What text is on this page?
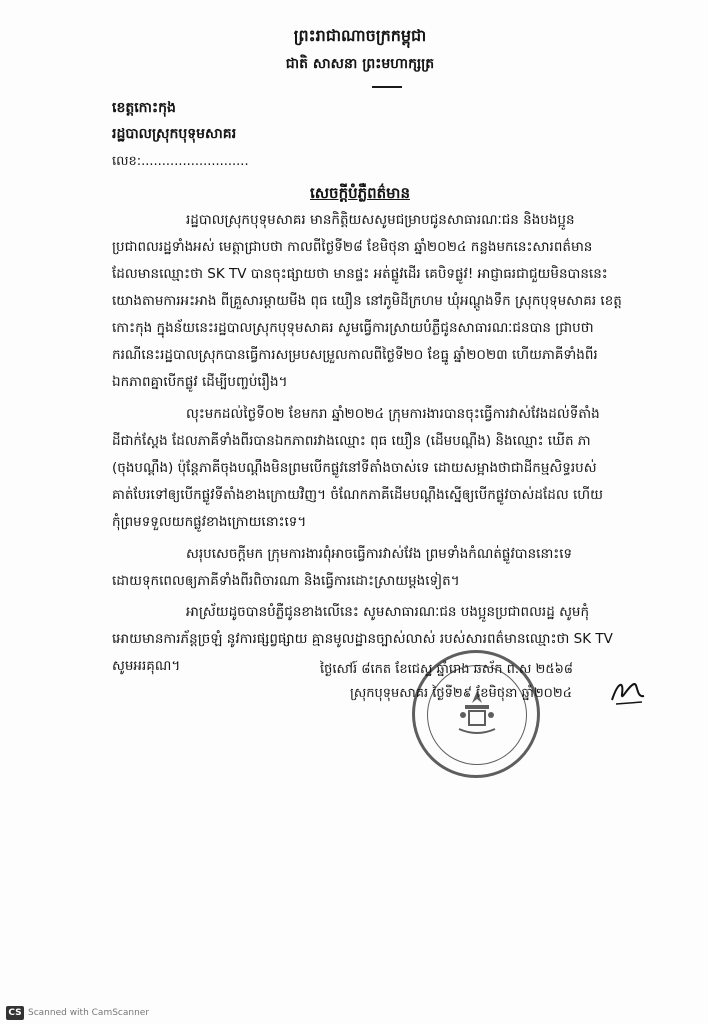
ព្រះរាជាណាចក្រកម្ពុជា
ជាតិ សាសនា ព្រះមហាក្សត្រ
ខេត្តកោះកុង
រដ្ឋបាលស្រុកបុទុមសាគរ
លេខ:..........................
សេចក្តីបំភ្លឺពត៌មាន
រដ្ឋបាលស្រុកបុទុមសាគរ មានកិត្តិយសសូមជម្រាបជូនសាធារណៈជន និងបងប្អូន
ប្រជាពលរដ្ឋទាំងអស់ មេត្តាជ្រាបថា កាលពីថ្ងៃទី២៨ ខែមិថុនា ឆ្នាំ២០២៤ កន្លងមកនេះសារពត៌មាន
ដែលមានឈ្មោះថា SK TV បានចុះផ្សាយថា មានផ្ទះ អត់ផ្លូវដើរ គេបិទផ្លូវ! អាជ្ញាធរជាជួយមិនបាននេះ
យោងតាមការអះអាង ពីគ្រួសារម្តាយមីង ពុធ យឿន នៅភូមិដីក្រហម ឃុំអណ្តូងទឹក ស្រុកបុទុមសាគរ ខេត្ត
កោះកុង ក្នុងន័យនេះរដ្ឋបាលស្រុកបុទុមសាគរ សូមធ្វើការស្រាយបំភ្លឺជូនសាធារណៈជនបាន ជ្រាបថា
ករណីនេះរដ្ឋបាលស្រុកបានធ្វើការសម្របសម្រួលកាលពីថ្ងៃទី២០ ខែធ្នូ ឆ្នាំ២០២៣ ហើយភាគីទាំងពីរ
ឯកភាពគ្នាបើកផ្លូវ ដើម្បីបញ្ចប់រឿង។
លុះមកដល់ថ្ងៃទី០២ ខែមករា ឆ្នាំ២០២៤ ក្រុមការងារបានចុះធ្វើការវាស់វែងដល់ទីតាំង
ដីជាក់ស្តែង ដែលភាគីទាំងពីរបានឯកភាពរវាងឈ្មោះ ពុធ យឿន (ដើមបណ្តឹង) និងឈ្មោះ ឃើត ភា
(ចុងបណ្តឹង) ប៉ុន្តែភាគីចុងបណ្តឹងមិនព្រមបើកផ្លូវនៅទីតាំងចាស់ទេ ដោយសម្អាងថាជាដីកម្មសិទ្ធរបស់
គាត់បែរទៅឲ្យបើកផ្លូវទីតាំងខាងក្រោយវិញ។ ចំណែកភាគីដើមបណ្តឹងស្នើឲ្យបើកផ្លូវចាស់ដដែល ហើយ
កុំព្រមទទួលយកផ្លូវខាងក្រោយនោះទេ។
សរុបសេចក្តីមក ក្រុមការងារពុំអាចធ្វើការវាស់វែង ព្រមទាំងកំណត់ផ្លូវបាននោះទេ
ដោយទុកពេលឲ្យភាគីទាំងពីរពិចារណា និងធ្វើការដោះស្រាយម្តងទៀត។
អាស្រ័យដូចបានបំភ្លឺជូនខាងលើនេះ សូមសាធារណៈជន បងប្អូនប្រជាពលរដ្ឋ សូមកុំ
អោយមានការភ័ន្តច្រឡំ នូវការផ្សព្វផ្សាយ គ្មានមូលដ្ឋានច្បាស់លាស់ របស់សារពត៌មានឈ្មោះថា SK TV
សូមអរគុណ។	ថ្ងៃសៅរ៍ ៨កេត ខែជេស្ឋ ឆ្នាំរោង ឆស័ក ព.ស ២៥៦៨
ស្រុកបុទុមសាគរ ថ្ងៃទី២៩ ខែមិថុនា ឆ្នាំ២០២៤
CS Scanned with CamScanner
